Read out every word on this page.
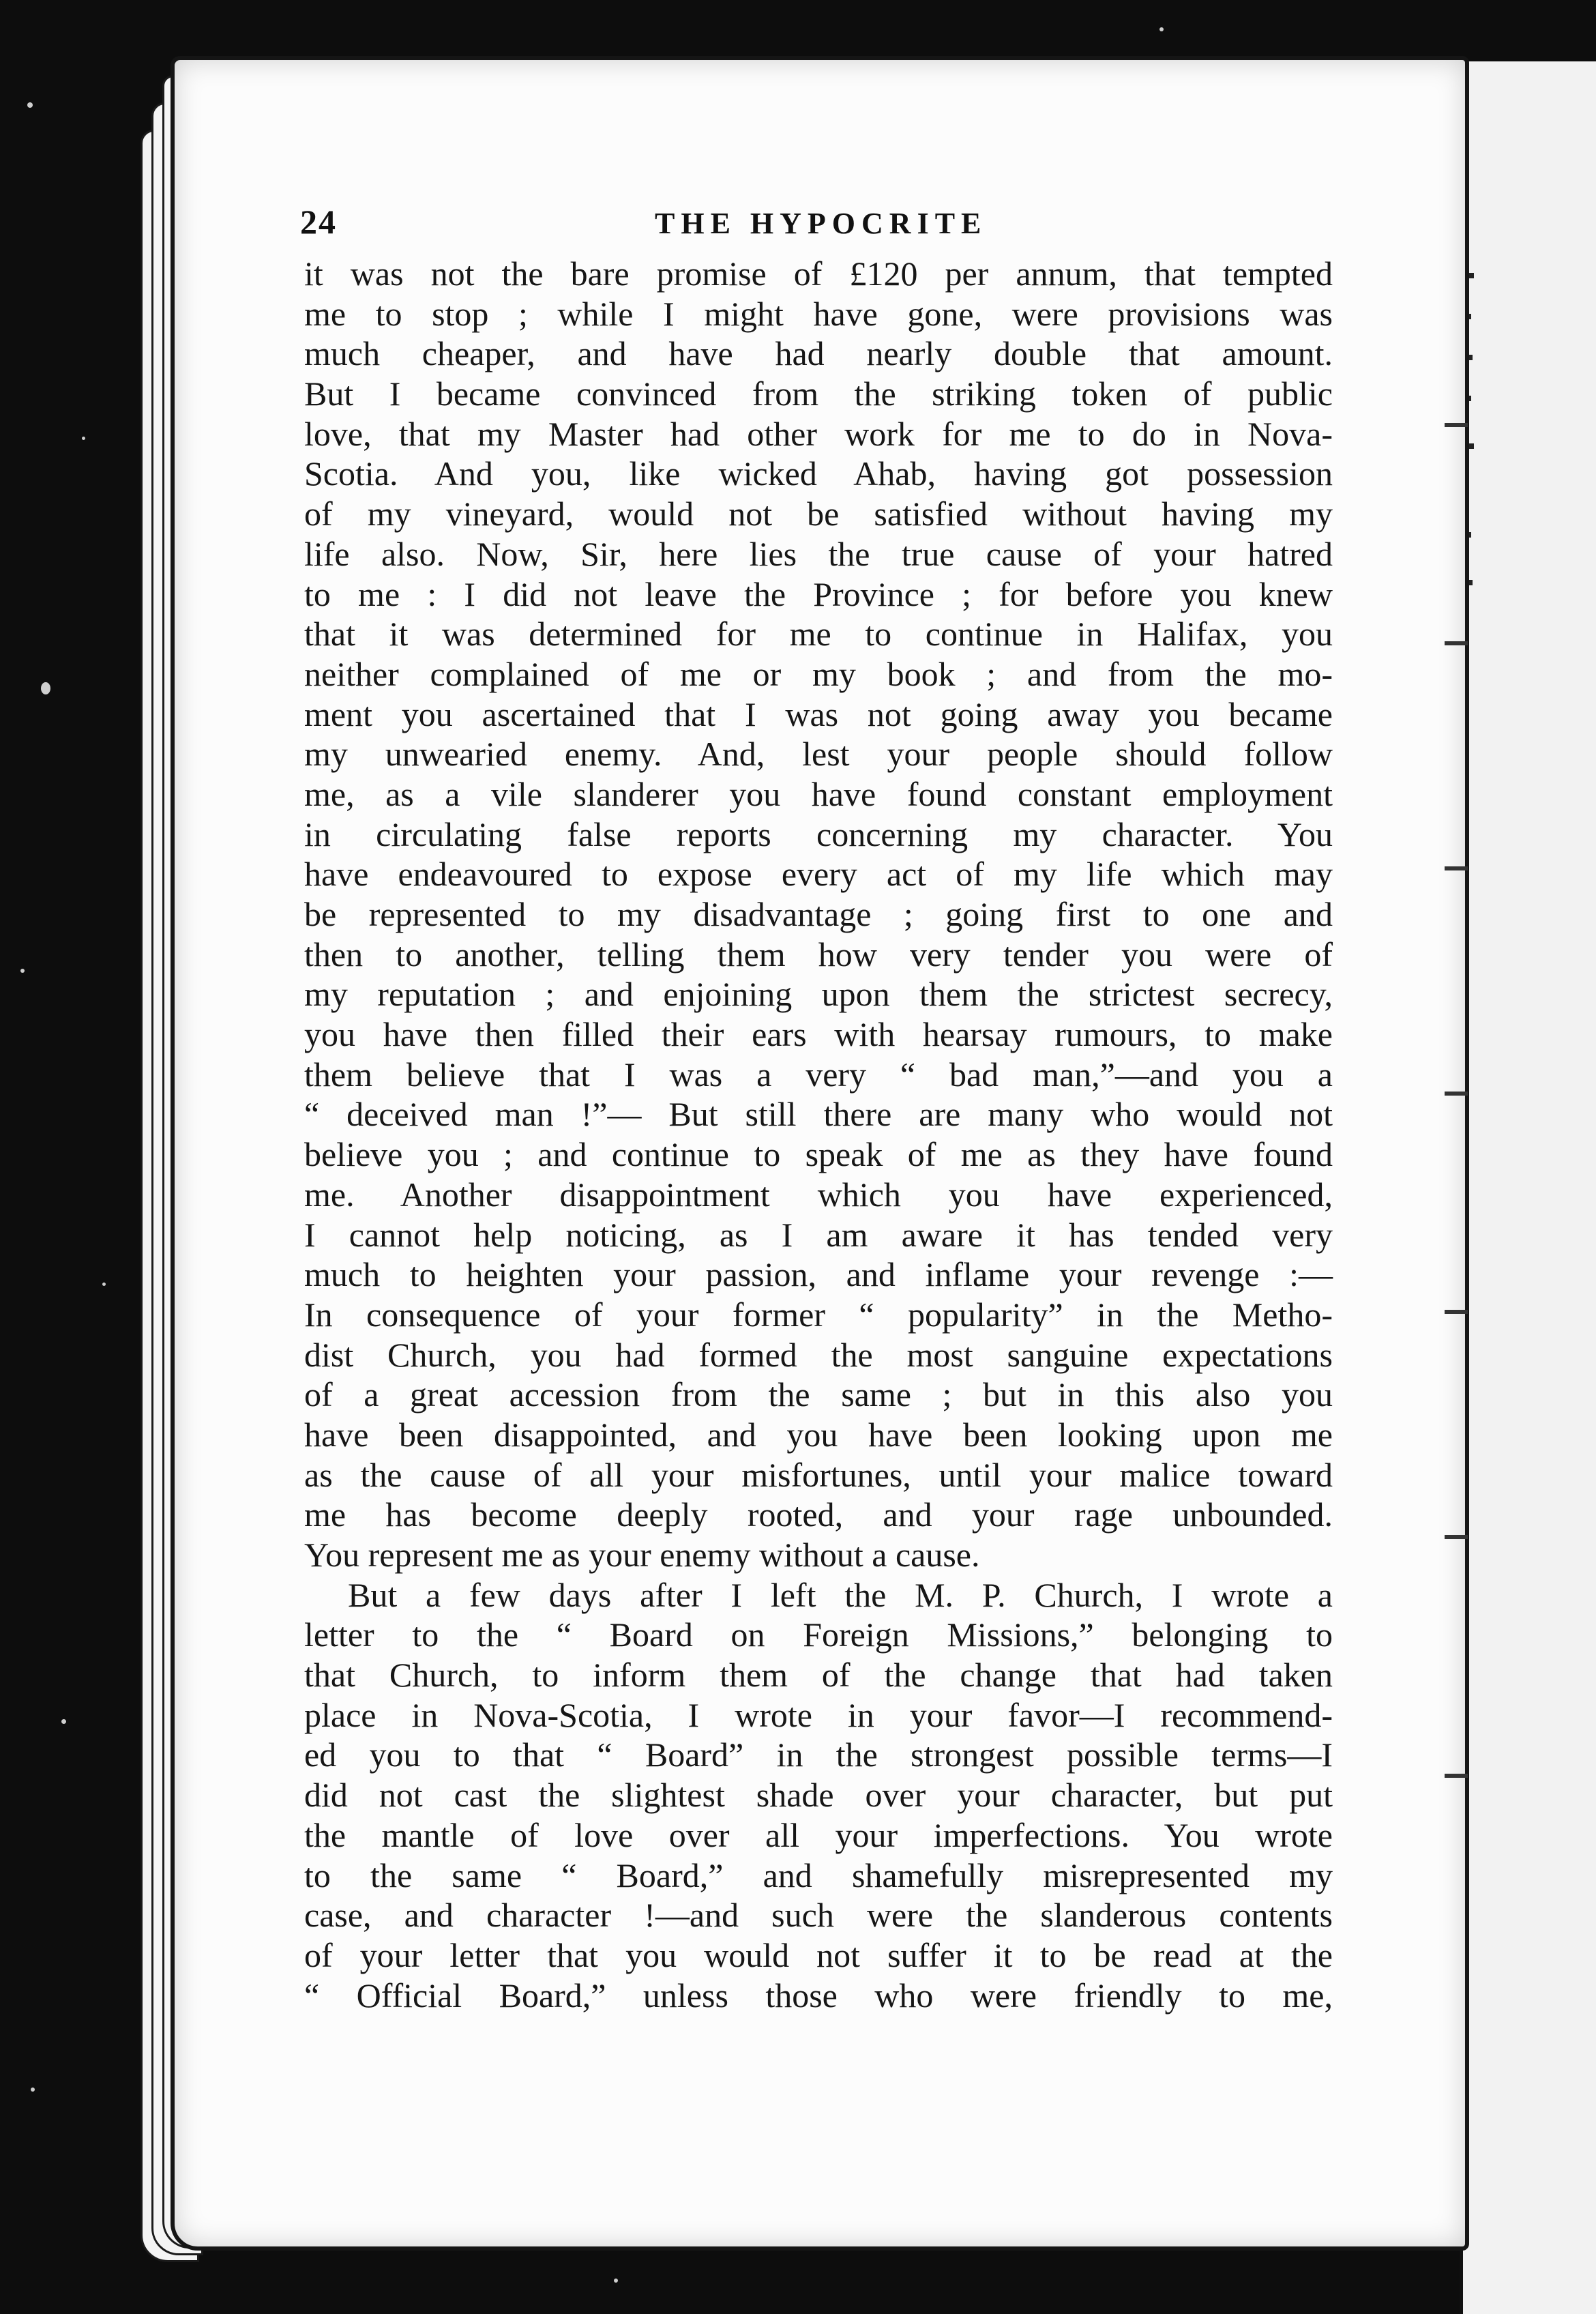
24	THE HYPOCRITE
it was not the bare promise of £120 per annum, that tempted
me to stop ; while I might have gone, were provisions was
much cheaper, and have had nearly double that amount.
But I became convinced from the striking token of public
love, that my Master had other work for me to do in Nova-
Scotia. And you, like wicked Ahab, having got possession
of my vineyard, would not be satisfied without having my
life also. Now, Sir, here lies the true cause of your hatred
to me : I did not leave the Province ; for before you knew
that it was determined for me to continue in Halifax, you
neither complained of me or my book ; and from the mo-
ment you ascertained that I was not going away you became
my unwearied enemy. And, lest your people should follow
me, as a vile slanderer you have found constant employment
in circulating false reports concerning my character. You
have endeavoured to expose every act of my life which may
be represented to my disadvantage ; going first to one and
then to another, telling them how very tender you were of
my reputation ; and enjoining upon them the strictest secrecy,
you have then filled their ears with hearsay rumours, to make
them believe that I was a very “ bad man,”—and you a
“ deceived man !”— But still there are many who would not
believe you ; and continue to speak of me as they have found
me. Another disappointment which you have experienced,
I cannot help noticing, as I am aware it has tended very
much to heighten your passion, and inflame your revenge :—
In consequence of your former “ popularity” in the Metho-
dist Church, you had formed the most sanguine expectations
of a great accession from the same ; but in this also you
have been disappointed, and you have been looking upon me
as the cause of all your misfortunes, until your malice toward
me has become deeply rooted, and your rage unbounded.
You represent me as your enemy without a cause.
But a few days after I left the M. P. Church, I wrote a
letter to the “ Board on Foreign Missions,” belonging to
that Church, to inform them of the change that had taken
place in Nova-Scotia, I wrote in your favor—I recommend-
ed you to that “ Board” in the strongest possible terms—I
did not cast the slightest shade over your character, but put
the mantle of love over all your imperfections. You wrote
to the same “ Board,” and shamefully misrepresented my
case, and character !—and such were the slanderous contents
of your letter that you would not suffer it to be read at the
“ Official Board,” unless those who were friendly to me,
